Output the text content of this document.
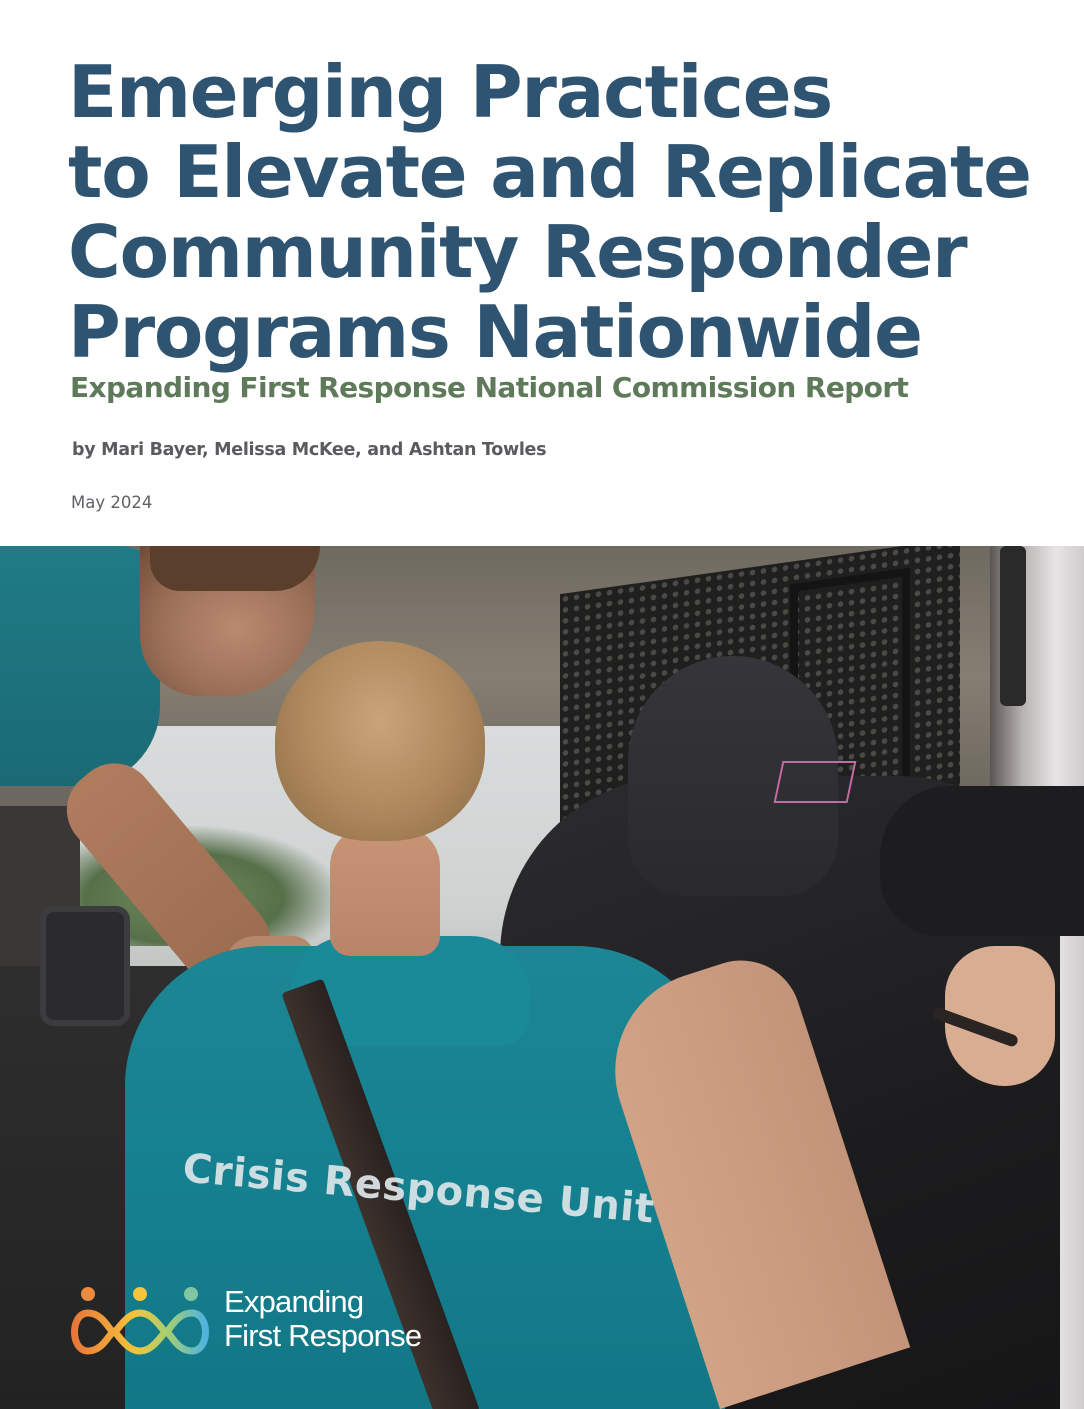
Emerging Practices
to Elevate and Replicate
Community Responder
Programs Nationwide
Expanding First Response National Commission Report
by Mari Bayer, Melissa McKee, and Ashtan Towles
May 2024
Crisis Response Unit
Expanding
First Response
